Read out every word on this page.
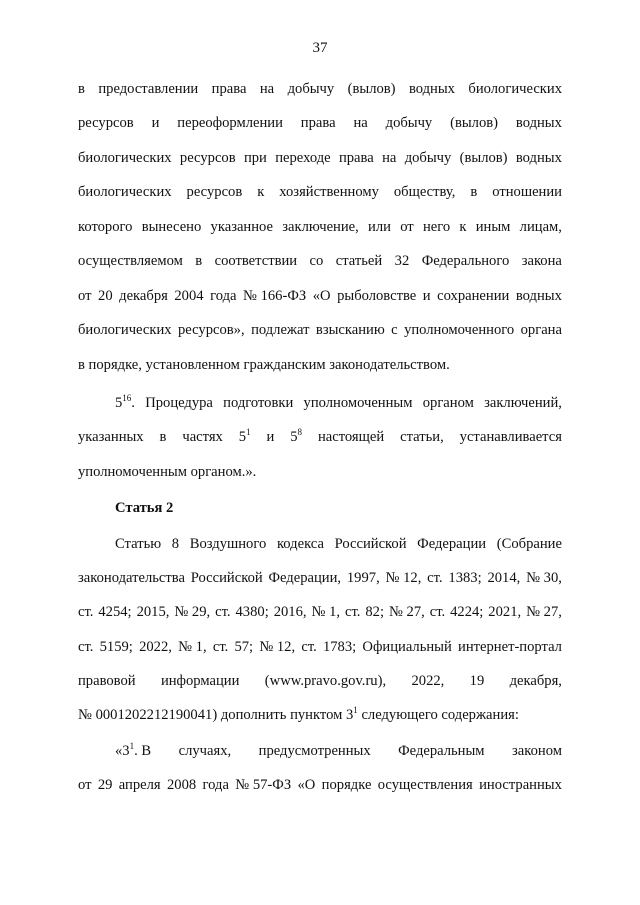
37
в предоставлении права на добычу (вылов) водных биологических
ресурсов и переоформлении права на добычу (вылов) водных
биологических ресурсов при переходе права на добычу (вылов) водных
биологических ресурсов к хозяйственному обществу, в отношении
которого вынесено указанное заключение, или от него к иным лицам,
осуществляемом в соответствии со статьей 32 Федерального закона
от 20 декабря 2004 года № 166-ФЗ «О рыболовстве и сохранении водных
биологических ресурсов», подлежат взысканию с уполномоченного органа
в порядке, установленном гражданским законодательством.
$5^{16}$. Процедура подготовки уполномоченным органом заключений,
указанных в частях $5^1$ и $5^8$ настоящей статьи, устанавливается
уполномоченным органом.».
Статья 2
Статью 8 Воздушного кодекса Российской Федерации (Собрание
законодательства Российской Федерации, 1997, № 12, ст. 1383; 2014, № 30,
ст. 4254; 2015, № 29, ст. 4380; 2016, № 1, ст. 82; № 27, ст. 4224; 2021, № 27,
ст. 5159; 2022, № 1, ст. 57; № 12, ст. 1783; Официальный интернет-портал
правовой информации (www.pravo.gov.ru), 2022, 19 декабря,
№ 0001202212190041) дополнить пунктом $3^1$ следующего содержания:
«$3^1$. В случаях, предусмотренных Федеральным законом
от 29 апреля 2008 года № 57-ФЗ «О порядке осуществления иностранных
